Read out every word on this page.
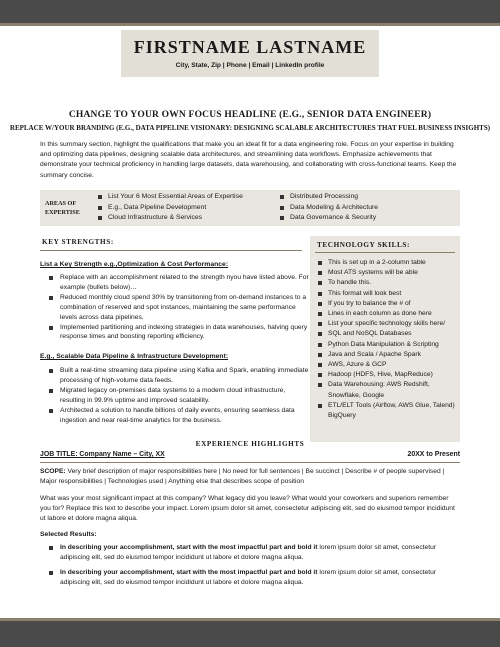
FIRSTNAME LASTNAME
City, State, Zip | Phone | Email | LinkedIn profile
CHANGE TO YOUR OWN FOCUS HEADLINE (E.G., SENIOR DATA ENGINEER)
REPLACE W/YOUR BRANDING (E.G., DATA PIPELINE VISIONARY: DESIGNING SCALABLE ARCHITECTURES THAT FUEL BUSINESS INSIGHTS)
In this summary section, highlight the qualifications that make you an ideal fit for a data engineering role. Focus on your expertise in building and optimizing data pipelines, designing scalable data architectures, and streamlining data workflows. Emphasize achievements that demonstrate your technical proficiency in handling large datasets, data warehousing, and collaborating with cross-functional teams. Keep the summary concise.
AREAS OF EXPERTISE
List Your 6 Most Essential Areas of Expertise
E.g., Data Pipeline Development
Cloud Infrastructure & Services
Distributed Processing
Data Modeling & Architecture
Data Governance & Security
KEY STRENGTHS:
List a Key Strength e.g.,Optimization & Cost Performance:
Replace with an accomplishment related to the strength nyou have listed above. For example (bullets below)…
Reduced monthly cloud spend 30% by transitioning from on-demand instances to a combination of reserved and spot instances, maintaining the same performance levels across data pipelines.
Implemented partitioning and indexing strategies in data warehouses, halving query response times and boosting reporting efficiency.
E.g., Scalable Data Pipeline & Infrastructure Development:
Built a real-time streaming data pipeline using Kafka and Spark, enabling immediate processing of high-volume data feeds.
Migrated legacy on-premises data systems to a modern cloud infrastructure, resulting in 99.9% uptime and improved scalability.
Architected a solution to handle billions of daily events, ensuring seamless data ingestion and near real-time analytics for the business.
TECHNOLOGY SKILLS:
This is set up in a 2-column table
Most ATS systems will be able
To handle this.
This format will look best
If you try to balance the # of
Lines in each column as done here
List your specific technology skills here/
SQL and NoSQL Databases
Python Data Manipulation & Scripting
Java and Scala / Apache Spark
AWS, Azure & GCP
Hadoop (HDFS, Hive, MapReduce)
Data Warehousing: AWS Redshift, Snowflake, Google
ETL/ELT Tools (Airflow, AWS Glue, Talend) BigQuery
EXPERIENCE HIGHLIGHTS
JOB TITLE: Company Name – City, XX	20XX to Present
SCOPE: Very brief description of major responsibilities here | No need for full sentences | Be succinct | Describe # of people supervised | Major responsibilities | Technologies used | Anything else that describes scope of position
What was your most significant impact at this company? What legacy did you leave? What would your coworkers and superiors remember you for? Replace this text to describe your impact. Lorem ipsum dolor sit amet, consectetur adipiscing elit, sed do eiusmod tempor incididunt ut labore et dolore magna aliqua.
Selected Results:
In describing your accomplishment, start with the most impactful part and bold it lorem ipsum dolor sit amet, consectetur adipiscing elit, sed do eiusmod tempor incididunt ut labore et dolore magna aliqua.
In describing your accomplishment, start with the most impactful part and bold it lorem ipsum dolor sit amet, consectetur adipiscing elit, sed do eiusmod tempor incididunt ut labore et dolore magna aliqua.
